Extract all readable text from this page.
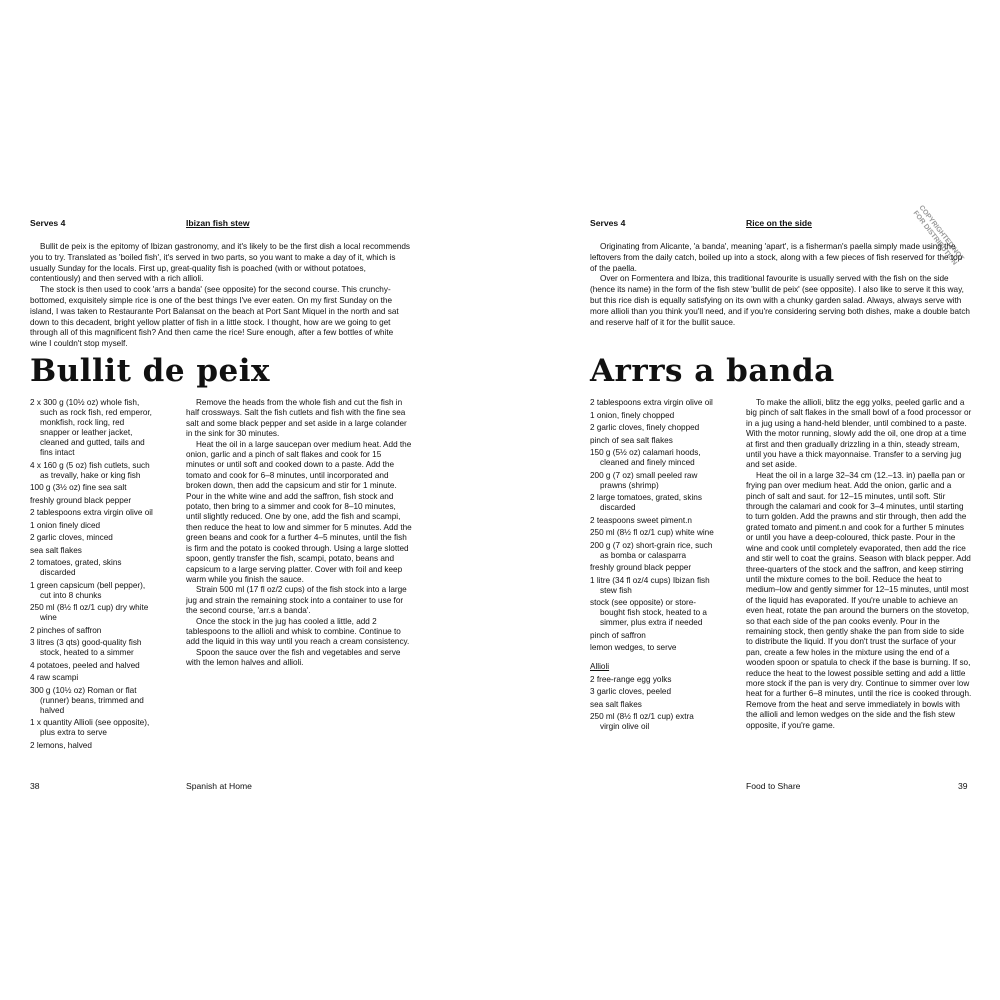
Serves 4	Ibizan fish stew

Bullit de peix is the epitomy of Ibizan gastronomy, and it's likely to be the first dish a local recommends you to try. Translated as 'boiled fish', it's served in two parts, so you want to make a day of it, which is usually Sunday for the locals. First up, great-quality fish is poached (with or without potatoes, contentiously) and then served with a rich allioli.

The stock is then used to cook 'arrs a banda' (see opposite) for the second course. This crunchy-bottomed, exquisitely simple rice is one of the best things I've ever eaten. On my first Sunday on the island, I was taken to Restaurante Port Balansat on the beach at Port Sant Miquel in the north and sat down to this decadent, bright yellow platter of fish in a little stock. I thought, how are we going to get through all of this magnificent fish? And then came the rice! Sure enough, after a few bottles of white wine I couldn't stop myself.

Bullit de peix
2 x 300 g (10½ oz) whole fish, such as rock fish, red emperor, monkfish, rock ling, red snapper or leather jacket, cleaned and gutted, tails and fins intact
4 x 160 g (5 oz) fish cutlets, such as trevally, hake or king fish
100 g (3½ oz) fine sea salt
freshly ground black pepper
2 tablespoons extra virgin olive oil
1 onion finely diced
2 garlic cloves, minced
sea salt flakes
2 tomatoes, grated, skins discarded
1 green capsicum (bell pepper), cut into 8 chunks
250 ml (8½ fl oz/1 cup) dry white wine
2 pinches of saffron
3 litres (3 qts) good-quality fish stock, heated to a simmer
4 potatoes, peeled and halved
4 raw scampi
300 g (10½ oz) Roman or flat (runner) beans, trimmed and halved
1 x quantity Allioli (see opposite), plus extra to serve
2 lemons, halved

Remove the heads from the whole fish and cut the fish in half crossways. Salt the fish cutlets and fish with the fine sea salt and some black pepper and set aside in a large colander in the sink for 30 minutes.

Heat the oil in a large saucepan over medium heat. Add the onion, garlic and a pinch of salt flakes and cook for 15 minutes or until soft and cooked down to a paste. Add the tomato and cook for 6–8 minutes, until incorporated and broken down, then add the capsicum and stir for 1 minute. Pour in the white wine and add the saffron, fish stock and potato, then bring to a simmer and cook for 8–10 minutes, until slightly reduced. One by one, add the fish and scampi, then reduce the heat to low and simmer for 5 minutes. Add the green beans and cook for a further 4–5 minutes, until the fish is firm and the potato is cooked through. Using a large slotted spoon, gently transfer the fish, scampi, potato, beans and capsicum to a large serving platter. Cover with foil and keep warm while you finish the sauce.

Strain 500 ml (17 fl oz/2 cups) of the fish stock into a large jug and strain the remaining stock into a container to use for the second course, 'arr.s a banda'.

Once the stock in the jug has cooled a little, add 2 tablespoons to the allioli and whisk to combine. Continue to add the liquid in this way until you reach a cream consistency.

Spoon the sauce over the fish and vegetables and serve with the lemon halves and allioli.

38	Spanish at Home
Serves 4	Rice on the side	COPYRIGHTED NOT FOR DISTRIBUTION

Originating from Alicante, 'a banda', meaning 'apart', is a fisherman's paella simply made using the leftovers from the daily catch, boiled up into a stock, along with a few pieces of fish reserved for the top of the paella.

Over on Formentera and Ibiza, this traditional favourite is usually served with the fish on the side (hence its name) in the form of the fish stew 'bullit de peix' (see opposite). I also like to serve it this way, but this rice dish is equally satisfying on its own with a chunky garden salad. Always, always serve with more allioli than you think you'll need, and if you're considering serving both dishes, make a double batch and reserve half of it for the bullit sauce.

Arrrs a banda
2 tablespoons extra virgin olive oil
1 onion, finely chopped
2 garlic cloves, finely chopped
pinch of sea salt flakes
150 g (5½ oz) calamari hoods, cleaned and finely minced
200 g (7 oz) small peeled raw prawns (shrimp)
2 large tomatoes, grated, skins discarded
2 teaspoons sweet piment.n
250 ml (8½ fl oz/1 cup) white wine
200 g (7 oz) short-grain rice, such as bomba or calasparra
freshly ground black pepper
1 litre (34 fl oz/4 cups) Ibizan fish stew fish
stock (see opposite) or store-bought fish stock, heated to a simmer, plus extra if needed
pinch of saffron
lemon wedges, to serve
Allioli
2 free-range egg yolks
3 garlic cloves, peeled
sea salt flakes
250 ml (8½ fl oz/1 cup) extra virgin olive oil

To make the allioli, blitz the egg yolks, peeled garlic and a big pinch of salt flakes in the small bowl of a food processor or in a jug using a hand-held blender, until combined to a paste. With the motor running, slowly add the oil, one drop at a time at first and then gradually drizzling in a thin, steady stream, until you have a thick mayonnaise. Transfer to a serving jug and set aside.

Heat the oil in a large 32–34 cm (12.–13. in) paella pan or frying pan over medium heat. Add the onion, garlic and a pinch of salt and saut. for 12–15 minutes, until soft. Stir through the calamari and cook for 3–4 minutes, until starting to turn golden. Add the prawns and stir through, then add the grated tomato and piment.n and cook for a further 5 minutes or until you have a deep-coloured, thick paste. Pour in the wine and cook until completely evaporated, then add the rice and stir well to coat the grains. Season with black pepper. Add three-quarters of the stock and the saffron, and keep stirring until the mixture comes to the boil. Reduce the heat to medium–low and gently simmer for 12–15 minutes, until most of the liquid has evaporated. If you're unable to achieve an even heat, rotate the pan around the burners on the stovetop, so that each side of the pan cooks evenly. Pour in the remaining stock, then gently shake the pan from side to side to distribute the liquid. If you don't trust the surface of your pan, create a few holes in the mixture using the end of a wooden spoon or spatula to check if the base is burning. If so, reduce the heat to the lowest possible setting and add a little more stock if the pan is very dry. Continue to simmer over low heat for a further 6–8 minutes, until the rice is cooked through. Remove from the heat and serve immediately in bowls with the allioli and lemon wedges on the side and the fish stew opposite, if you're game.

Food to Share	39
